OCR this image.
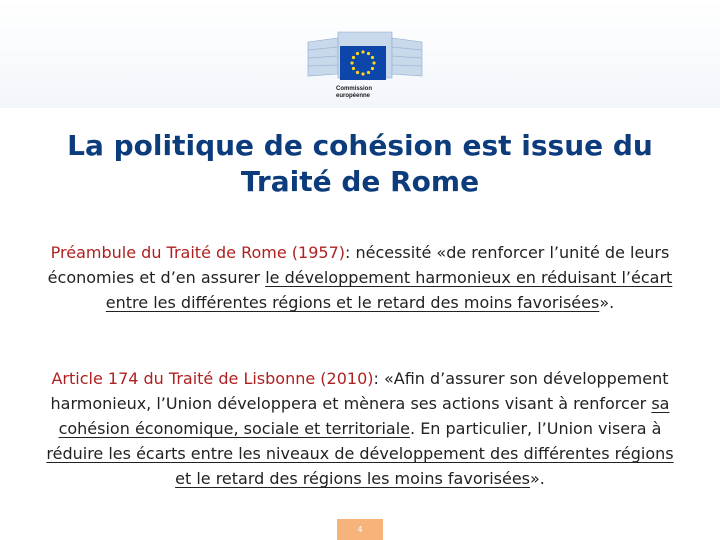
Commission
européenne
La politique de cohésion est issue du
Traité de Rome

Préambule du Traité de Rome (1957): nécessité «de renforcer l’unité de leurs économies et d’en assurer le développement harmonieux en réduisant l’écart entre les différentes régions et le retard des moins favorisées».

Article 174 du Traité de Lisbonne (2010): «Afin d’assurer son développement harmonieux, l’Union développera et mènera ses actions visant à renforcer sa cohésion économique, sociale et territoriale. En particulier, l’Union visera à réduire les écarts entre les niveaux de développement des différentes régions et le retard des régions les moins favorisées».

4
